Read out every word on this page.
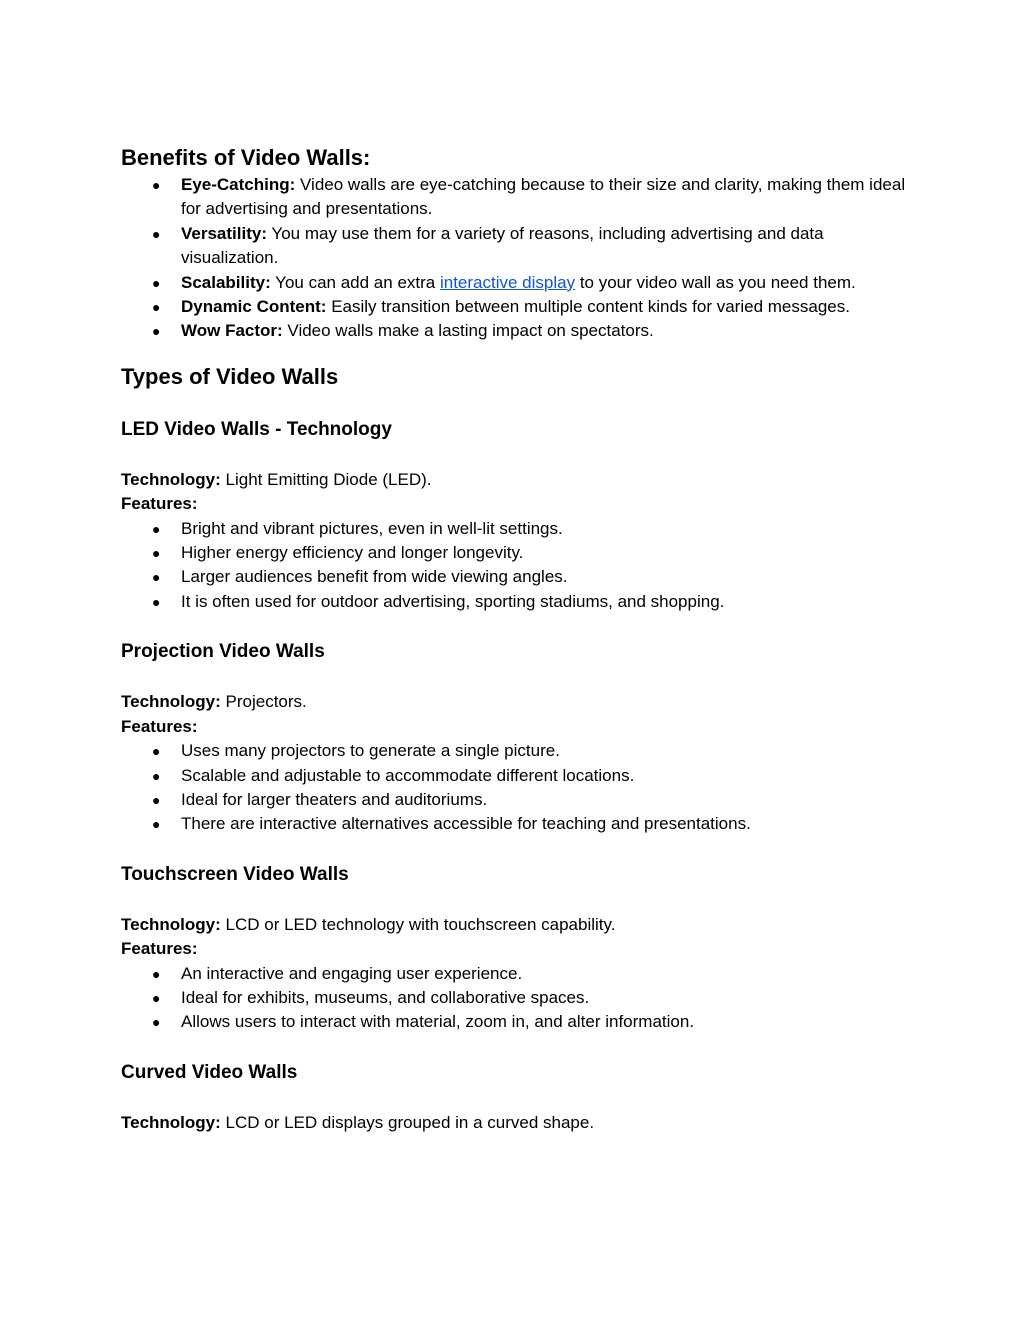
Benefits of Video Walls:
● Eye-Catching: Video walls are eye-catching because to their size and clarity, making them ideal for advertising and presentations.
● Versatility: You may use them for a variety of reasons, including advertising and data visualization.
● Scalability: You can add an extra interactive display to your video wall as you need them.
● Dynamic Content: Easily transition between multiple content kinds for varied messages.
● Wow Factor: Video walls make a lasting impact on spectators.
Types of Video Walls
LED Video Walls - Technology

Technology: Light Emitting Diode (LED).

Features:

● Bright and vibrant pictures, even in well-lit settings.
● Higher energy efficiency and longer longevity.
● Larger audiences benefit from wide viewing angles.
● It is often used for outdoor advertising, sporting stadiums, and shopping.
Projection Video Walls

Technology: Projectors.

Features:

● Uses many projectors to generate a single picture.
● Scalable and adjustable to accommodate different locations.
● Ideal for larger theaters and auditoriums.
● There are interactive alternatives accessible for teaching and presentations.
Touchscreen Video Walls

Technology: LCD or LED technology with touchscreen capability.

Features:

● An interactive and engaging user experience.
● Ideal for exhibits, museums, and collaborative spaces.
● Allows users to interact with material, zoom in, and alter information.
Curved Video Walls

Technology: LCD or LED displays grouped in a curved shape.
